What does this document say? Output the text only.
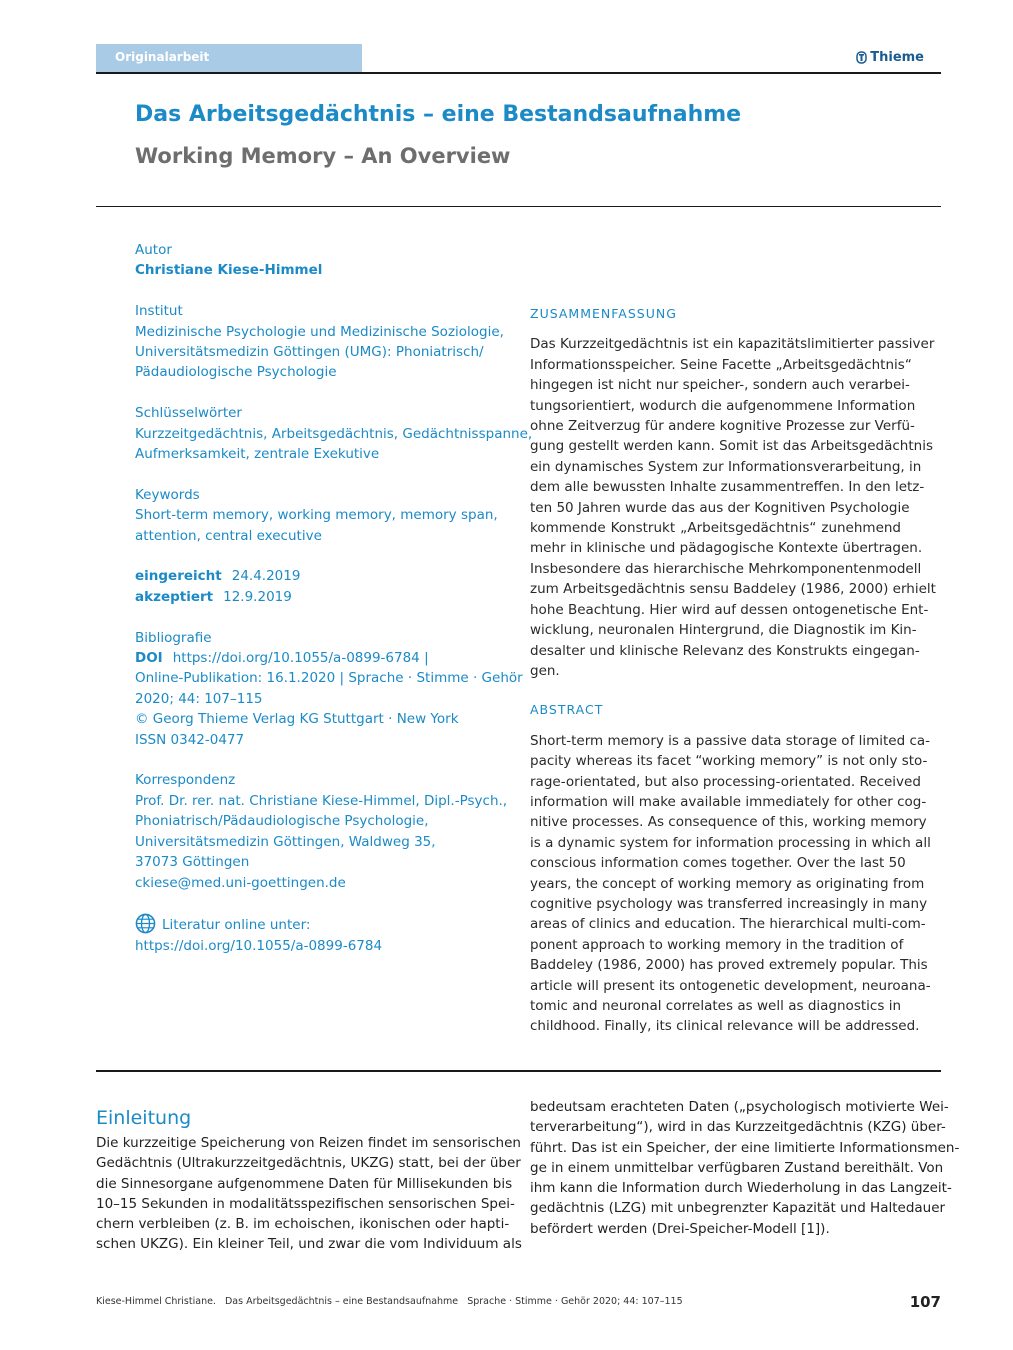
Originalarbeit	Thieme
Das Arbeitsgedächtnis – eine Bestandsaufnahme
Working Memory – An Overview
Autor
Christiane Kiese-Himmel
Institut
Medizinische Psychologie und Medizinische Soziologie,
Universitätsmedizin Göttingen (UMG): Phoniatrisch/
Pädaudiologische Psychologie
Schlüsselwörter
Kurzzeitgedächtnis, Arbeitsgedächtnis, Gedächtnisspanne,
Aufmerksamkeit, zentrale Exekutive
Keywords
Short-term memory, working memory, memory span,
attention, central executive
eingereicht 24.4.2019
akzeptiert 12.9.2019
Bibliografie
DOI https://doi.org/10.1055/a-0899-6784 |
Online-Publikation: 16.1.2020 | Sprache · Stimme · Gehör
2020; 44: 107–115
© Georg Thieme Verlag KG Stuttgart · New York
ISSN 0342-0477
Korrespondenz
Prof. Dr. rer. nat. Christiane Kiese-Himmel, Dipl.-Psych.,
Phoniatrisch/Pädaudiologische Psychologie,
Universitätsmedizin Göttingen, Waldweg 35,
37073 Göttingen
ckiese@med.uni-goettingen.de
Literatur online unter:
https://doi.org/10.1055/a-0899-6784
ZUSAMMENFASSUNG
Das Kurzzeitgedächtnis ist ein kapazitätslimitierter passiver
Informationsspeicher. Seine Facette „Arbeitsgedächtnis“
hingegen ist nicht nur speicher-, sondern auch verarbei-
tungsorientiert, wodurch die aufgenommene Information
ohne Zeitverzug für andere kognitive Prozesse zur Verfü-
gung gestellt werden kann. Somit ist das Arbeitsgedächtnis
ein dynamisches System zur Informationsverarbeitung, in
dem alle bewussten Inhalte zusammentreffen. In den letz-
ten 50 Jahren wurde das aus der Kognitiven Psychologie
kommende Konstrukt „Arbeitsgedächtnis“ zunehmend
mehr in klinische und pädagogische Kontexte übertragen.
Insbesondere das hierarchische Mehrkomponentenmodell
zum Arbeitsgedächtnis sensu Baddeley (1986, 2000) erhielt
hohe Beachtung. Hier wird auf dessen ontogenetische Ent-
wicklung, neuronalen Hintergrund, die Diagnostik im Kin-
desalter und klinische Relevanz des Konstrukts eingegan-
gen.
ABSTRACT
Short-term memory is a passive data storage of limited ca-
pacity whereas its facet “working memory” is not only sto-
rage-orientated, but also processing-orientated. Received
information will make available immediately for other cog-
nitive processes. As consequence of this, working memory
is a dynamic system for information processing in which all
conscious information comes together. Over the last 50
years, the concept of working memory as originating from
cognitive psychology was transferred increasingly in many
areas of clinics and education. The hierarchical multi-com-
ponent approach to working memory in the tradition of
Baddeley (1986, 2000) has proved extremely popular. This
article will present its ontogenetic development, neuroana-
tomic and neuronal correlates as well as diagnostics in
childhood. Finally, its clinical relevance will be addressed.
Einleitung
Die kurzzeitige Speicherung von Reizen findet im sensorischen
Gedächtnis (Ultrakurzzeitgedächtnis, UKZG) statt, bei der über
die Sinnesorgane aufgenommene Daten für Millisekunden bis
10–15 Sekunden in modalitätsspezifischen sensorischen Spei-
chern verbleiben (z. B. im echoischen, ikonischen oder hapti-
schen UKZG). Ein kleiner Teil, und zwar die vom Individuum als
bedeutsam erachteten Daten („psychologisch motivierte Wei-
terverarbeitung“), wird in das Kurzzeitgedächtnis (KZG) über-
führt. Das ist ein Speicher, der eine limitierte Informationsmen-
ge in einem unmittelbar verfügbaren Zustand bereithält. Von
ihm kann die Information durch Wiederholung in das Langzeit-
gedächtnis (LZG) mit unbegrenzter Kapazität und Haltedauer
befördert werden (Drei-Speicher-Modell [1]).
Kiese-Himmel Christiane. Das Arbeitsgedächtnis – eine Bestandsaufnahme Sprache · Stimme · Gehör 2020; 44: 107–115	107
